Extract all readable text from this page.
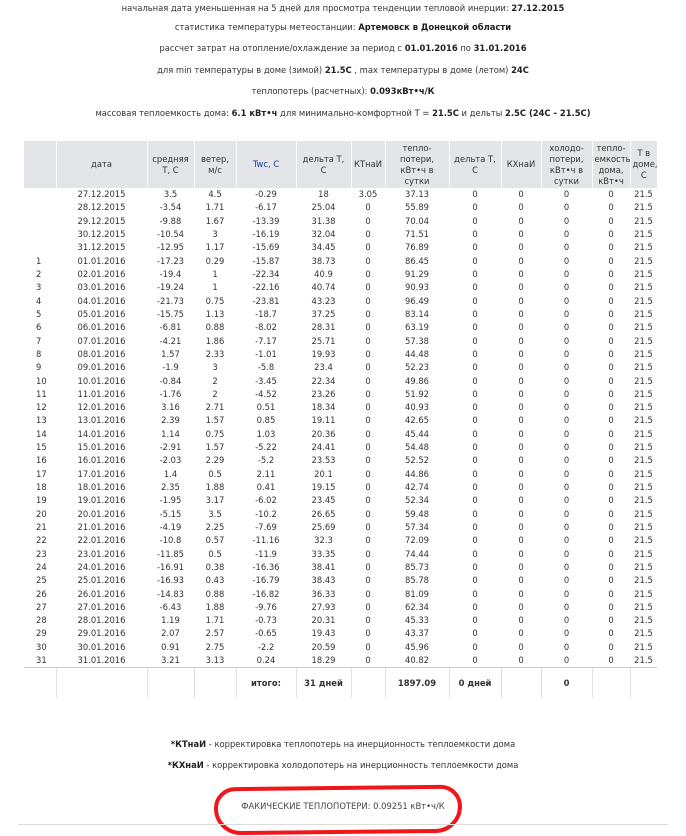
начальная дата уменьшенная на 5 дней для просмотра тенденции тепловой инерции: 27.12.2015

статистика температуры метеостанции: Артемовск в Донецкой области

рассчет затрат на отопление/охлаждение за период с 01.01.2016 по 31.01.2016

для min температуры в доме (зимой) 21.5C , max температуры в доме (летом) 24C

теплопотерь (расчетных): 0.093кВт•ч/К

массовая теплоемкость дома: 6.1 кВт•ч для минимально-комфортной Т = 21.5C и дельты 2.5C (24C - 21.5C)

	дата	средняя Т, С	ветер, м/с	Twc, С	дельта Т, С	КТнаИ	тепло-потери, кВт•ч в сутки	дельта Т, С	КХнаИ	холодо-потери, кВт•ч в сутки	тепло-емкость дома, кВт•ч	Т в доме, С
	27.12.2015	3.5	4.5	-0.29	18	3.05	37.13	0	0	0	0	21.5
	28.12.2015	-3.54	1.71	-6.17	25.04	0	55.89	0	0	0	0	21.5
	29.12.2015	-9.88	1.67	-13.39	31.38	0	70.04	0	0	0	0	21.5
	30.12.2015	-10.54	3	-16.19	32.04	0	71.51	0	0	0	0	21.5
	31.12.2015	-12.95	1.17	-15.69	34.45	0	76.89	0	0	0	0	21.5
1	01.01.2016	-17.23	0.29	-15.87	38.73	0	86.45	0	0	0	0	21.5
2	02.01.2016	-19.4	1	-22.34	40.9	0	91.29	0	0	0	0	21.5
3	03.01.2016	-19.24	1	-22.16	40.74	0	90.93	0	0	0	0	21.5
4	04.01.2016	-21.73	0.75	-23.81	43.23	0	96.49	0	0	0	0	21.5
5	05.01.2016	-15.75	1.13	-18.7	37.25	0	83.14	0	0	0	0	21.5
6	06.01.2016	-6.81	0.88	-8.02	28.31	0	63.19	0	0	0	0	21.5
7	07.01.2016	-4.21	1.86	-7.17	25.71	0	57.38	0	0	0	0	21.5
8	08.01.2016	1.57	2.33	-1.01	19.93	0	44.48	0	0	0	0	21.5
9	09.01.2016	-1.9	3	-5.8	23.4	0	52.23	0	0	0	0	21.5
10	10.01.2016	-0.84	2	-3.45	22.34	0	49.86	0	0	0	0	21.5
11	11.01.2016	-1.76	2	-4.52	23.26	0	51.92	0	0	0	0	21.5
12	12.01.2016	3.16	2.71	0.51	18.34	0	40.93	0	0	0	0	21.5
13	13.01.2016	2.39	1.57	0.85	19.11	0	42.65	0	0	0	0	21.5
14	14.01.2016	1.14	0.75	1.03	20.36	0	45.44	0	0	0	0	21.5
15	15.01.2016	-2.91	1.57	-5.22	24.41	0	54.48	0	0	0	0	21.5
16	16.01.2016	-2.03	2.29	-5.2	23.53	0	52.52	0	0	0	0	21.5
17	17.01.2016	1.4	0.5	2.11	20.1	0	44.86	0	0	0	0	21.5
18	18.01.2016	2.35	1.88	0.41	19.15	0	42.74	0	0	0	0	21.5
19	19.01.2016	-1.95	3.17	-6.02	23.45	0	52.34	0	0	0	0	21.5
20	20.01.2016	-5.15	3.5	-10.2	26.65	0	59.48	0	0	0	0	21.5
21	21.01.2016	-4.19	2.25	-7.69	25.69	0	57.34	0	0	0	0	21.5
22	22.01.2016	-10.8	0.57	-11.16	32.3	0	72.09	0	0	0	0	21.5
23	23.01.2016	-11.85	0.5	-11.9	33.35	0	74.44	0	0	0	0	21.5
24	24.01.2016	-16.91	0.38	-16.36	38.41	0	85.73	0	0	0	0	21.5
25	25.01.2016	-16.93	0.43	-16.79	38.43	0	85.78	0	0	0	0	21.5
26	26.01.2016	-14.83	0.88	-16.82	36.33	0	81.09	0	0	0	0	21.5
27	27.01.2016	-6.43	1.88	-9.76	27.93	0	62.34	0	0	0	0	21.5
28	28.01.2016	1.19	1.71	-0.73	20.31	0	45.33	0	0	0	0	21.5
29	29.01.2016	2.07	2.57	-0.65	19.43	0	43.37	0	0	0	0	21.5
30	30.01.2016	0.91	2.75	-2.2	20.59	0	45.96	0	0	0	0	21.5
31	31.01.2016	3.21	3.13	0.24	18.29	0	40.82	0	0	0	0	21.5
				итого:	31 дней		1897.09	0 дней		0		

*КТнаИ - корректировка теплопотерь на инерционность теплоемкости дома

*КХнаИ - корректировка холодопотерь на инерционность теплоемкости дома

ФАКИЧЕСКИЕ ТЕПЛОПОТЕРИ: 0.09251 кВт•ч/К
